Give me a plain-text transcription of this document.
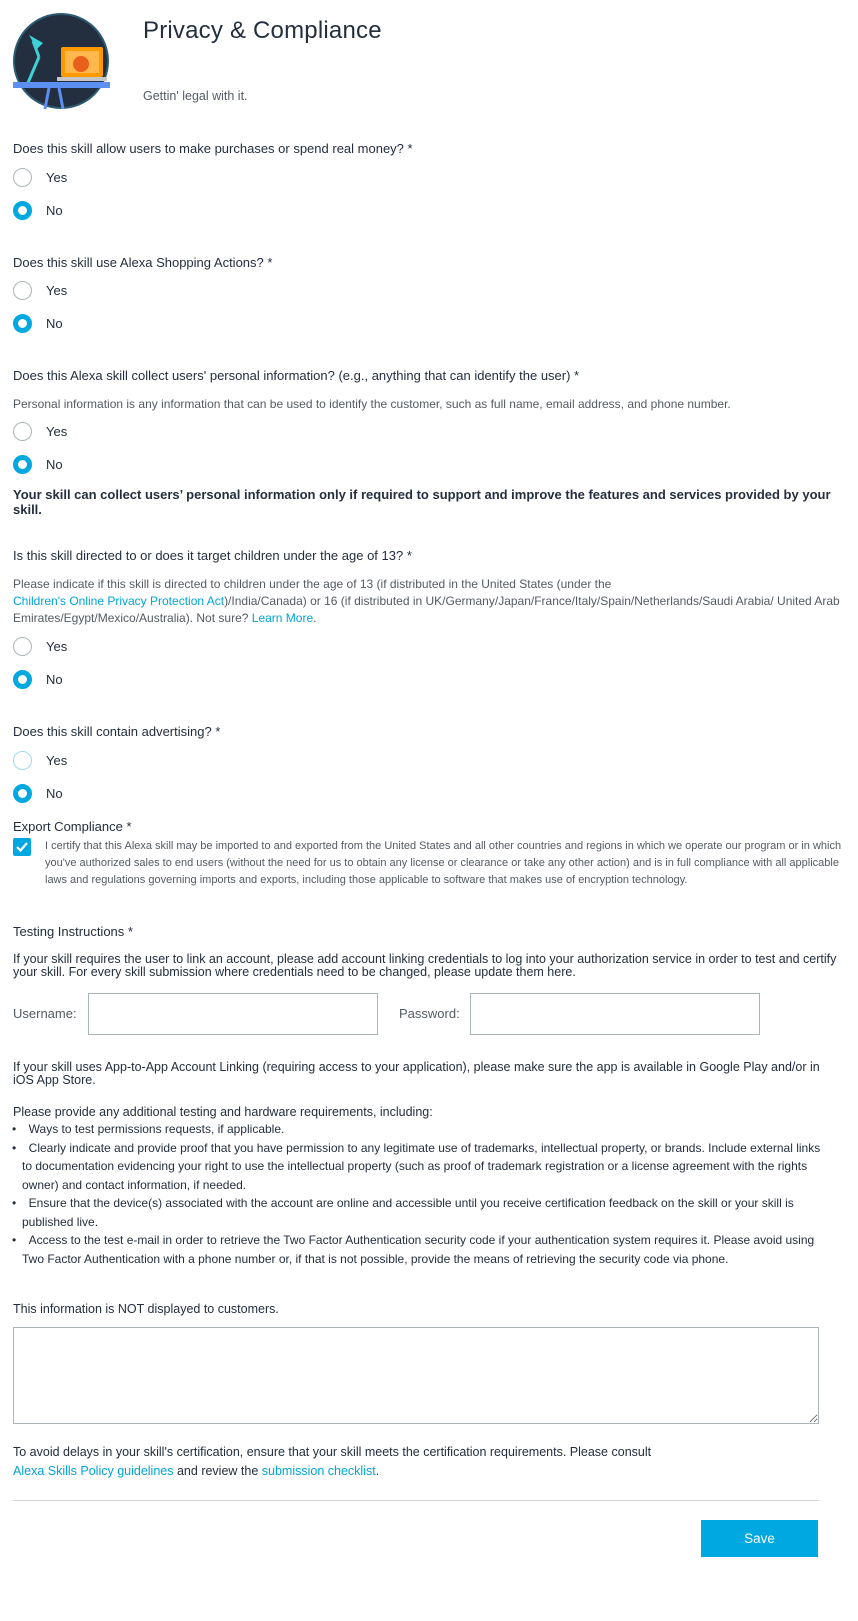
Privacy & Compliance
Gettin' legal with it.
Does this skill allow users to make purchases or spend real money? *
Yes
No
Does this skill use Alexa Shopping Actions? *
Yes
No
Does this Alexa skill collect users' personal information? (e.g., anything that can identify the user) *
Personal information is any information that can be used to identify the customer, such as full name, email address, and phone number.
Yes
No
Your skill can collect users’ personal information only if required to support and improve the features and services provided by your skill.
Is this skill directed to or does it target children under the age of 13? *
Please indicate if this skill is directed to children under the age of 13 (if distributed in the United States (under the
Children's Online Privacy Protection Act)/India/Canada) or 16 (if distributed in UK/Germany/Japan/France/Italy/Spain/Netherlands/Saudi Arabia/ United Arab Emirates/Egypt/Mexico/Australia). Not sure? Learn More.
Yes
No
Does this skill contain advertising? *
Yes
No
Export Compliance *
I certify that this Alexa skill may be imported to and exported from the United States and all other countries and regions in which we operate our program or in which you've authorized sales to end users (without the need for us to obtain any license or clearance or take any other action) and is in full compliance with all applicable laws and regulations governing imports and exports, including those applicable to software that makes use of encryption technology.
Testing Instructions *
If your skill requires the user to link an account, please add account linking credentials to log into your authorization service in order to test and certify your skill. For every skill submission where credentials need to be changed, please update them here.
Username:	Password:
If your skill uses App-to-App Account Linking (requiring access to your application), please make sure the app is available in Google Play and/or in iOS App Store.
Please provide any additional testing and hardware requirements, including:
• Ways to test permissions requests, if applicable.
• Clearly indicate and provide proof that you have permission to any legitimate use of trademarks, intellectual property, or brands. Include external links to documentation evidencing your right to use the intellectual property (such as proof of trademark registration or a license agreement with the rights owner) and contact information, if needed.
• Ensure that the device(s) associated with the account are online and accessible until you receive certification feedback on the skill or your skill is published live.
• Access to the test e-mail in order to retrieve the Two Factor Authentication security code if your authentication system requires it. Please avoid using Two Factor Authentication with a phone number or, if that is not possible, provide the means of retrieving the security code via phone.
This information is NOT displayed to customers.
To avoid delays in your skill's certification, ensure that your skill meets the certification requirements. Please consult
Alexa Skills Policy guidelines and review the submission checklist.
Save
